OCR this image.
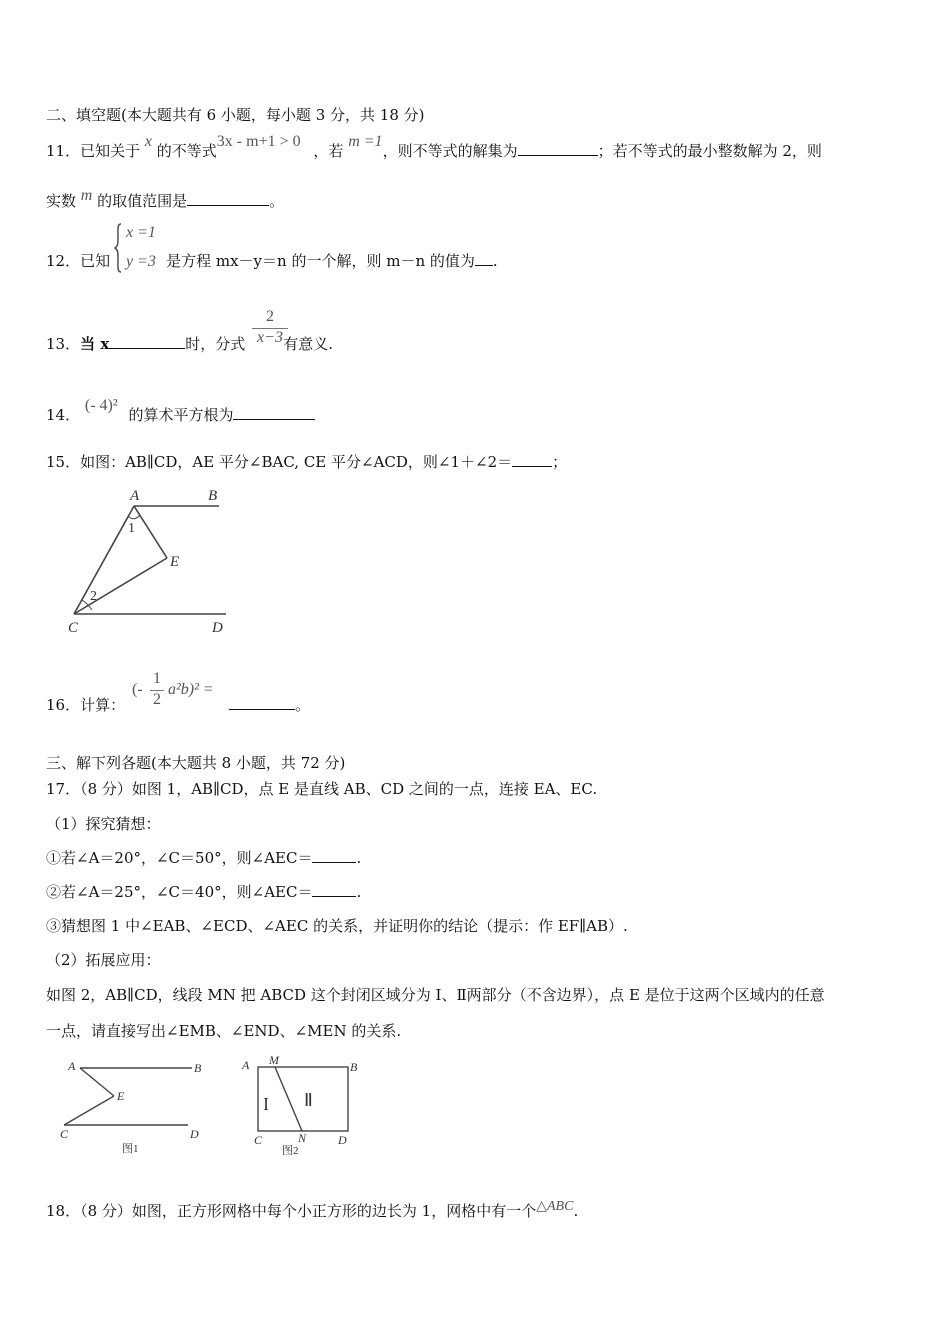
二、填空题(本大题共有 6 小题，每小题 3 分，共 18 分)
11．已知关于 x 的不等式3x - m+1 > 0 ，若 m =1，则不等式的解集为	；若不等式的最小整数解为 2，则
实数 m 的取值范围是	。
12．已知	是方程 mx－y＝n 的一个解，则 m－n 的值为 .
x =1
y =3
13．当 x	时，分式	有意义.
$\frac{2}{x-3}$
14． (- 4)² 的算术平方根为
15．如图：AB∥CD，AE 平分∠BAC, CE 平分∠ACD，则∠1＋∠2＝	；
A	B
1
E
2
C	D
16．计算：	。
(- $\frac{1}{2} a^2b)^2$ =
三、解下列各题(本大题共 8 小题，共 72 分)
17．（8 分）如图 1，AB∥CD，点 E 是直线 AB、CD 之间的一点，连接 EA、EC.
（1）探究猜想：
①若∠A＝20°，∠C＝50°，则∠AEC＝	.
②若∠A＝25°，∠C＝40°，则∠AEC＝	.
③猜想图 1 中∠EAB、∠ECD、∠AEC 的关系，并证明你的结论（提示：作 EF∥AB）.
（2）拓展应用：
如图 2，AB∥CD，线段 MN 把 ABCD 这个封闭区域分为 I、Ⅱ两部分（不含边界），点 E 是位于这两个区域内的任意
一点，请直接写出∠EMB、∠END、∠MEN 的关系.
A	B
E
C	D
图1
A M	B
I Ⅱ
C	N	D
图2
18．（8 分）如图，正方形网格中每个小正方形的边长为 1，网格中有一个△ABC.
